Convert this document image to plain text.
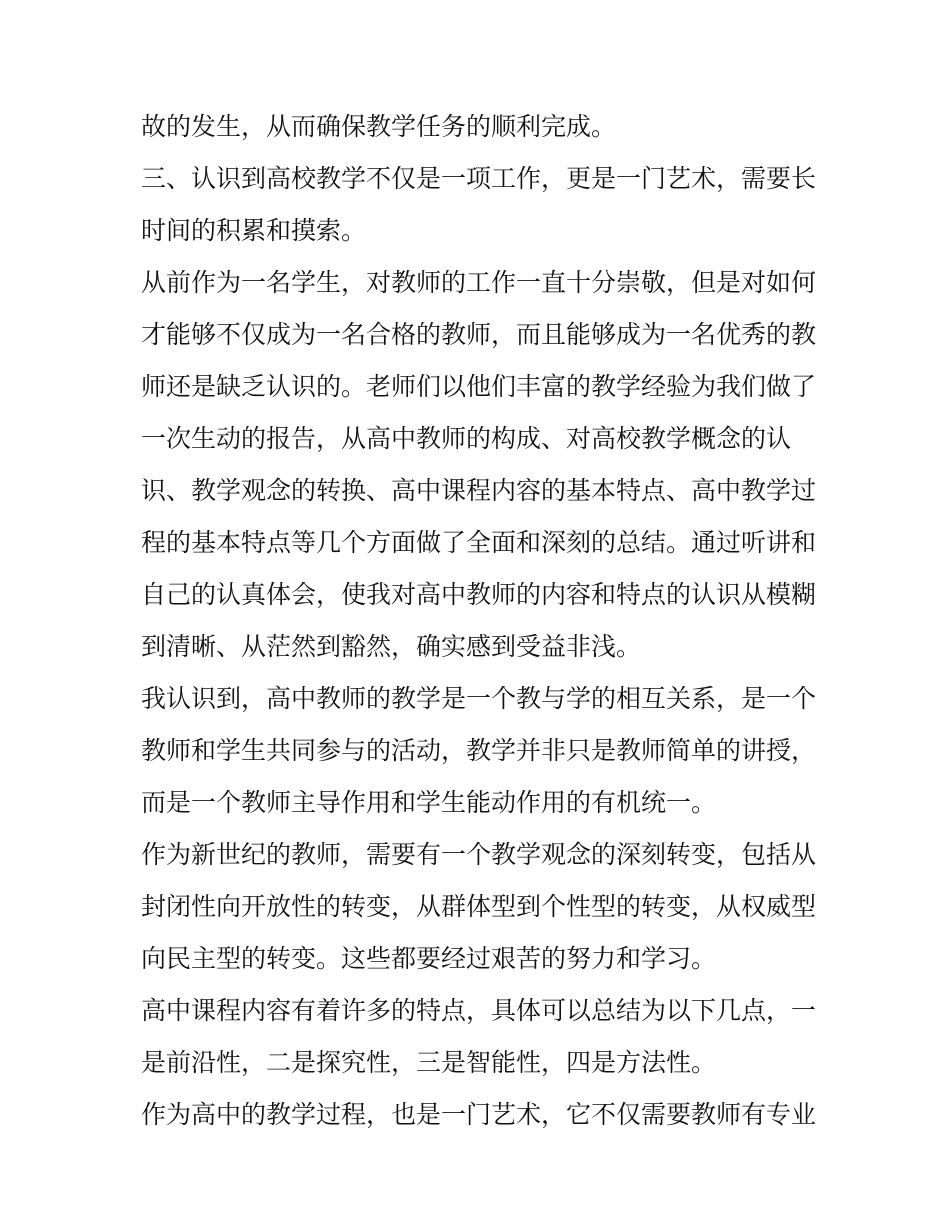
故的发生，从而确保教学任务的顺利完成。
三、认识到高校教学不仅是一项工作，更是一门艺术，需要长
时间的积累和摸索。
从前作为一名学生，对教师的工作一直十分崇敬，但是对如何
才能够不仅成为一名合格的教师，而且能够成为一名优秀的教
师还是缺乏认识的。老师们以他们丰富的教学经验为我们做了
一次生动的报告，从高中教师的构成、对高校教学概念的认
识、教学观念的转换、高中课程内容的基本特点、高中教学过
程的基本特点等几个方面做了全面和深刻的总结。通过听讲和
自己的认真体会，使我对高中教师的内容和特点的认识从模糊
到清晰、从茫然到豁然，确实感到受益非浅。
我认识到，高中教师的教学是一个教与学的相互关系，是一个
教师和学生共同参与的活动，教学并非只是教师简单的讲授，
而是一个教师主导作用和学生能动作用的有机统一。
作为新世纪的教师，需要有一个教学观念的深刻转变，包括从
封闭性向开放性的转变，从群体型到个性型的转变，从权威型
向民主型的转变。这些都要经过艰苦的努力和学习。
高中课程内容有着许多的特点，具体可以总结为以下几点，一
是前沿性，二是探究性，三是智能性，四是方法性。
作为高中的教学过程，也是一门艺术，它不仅需要教师有专业
